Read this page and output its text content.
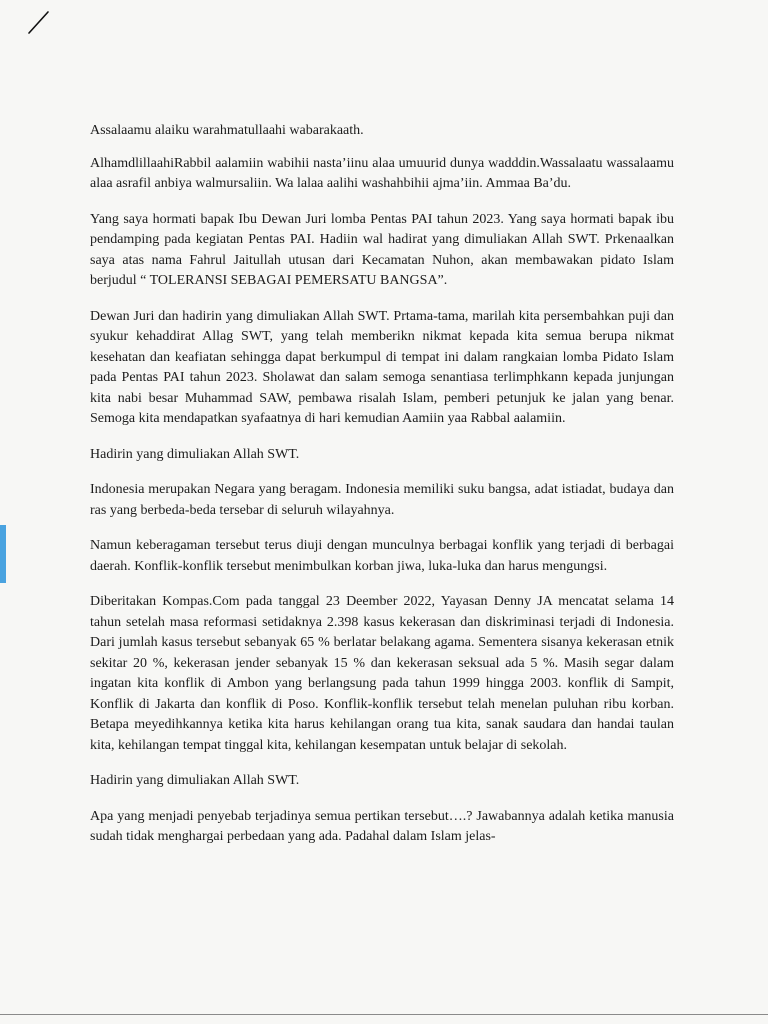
Assalaamu alaiku warahmatullaahi wabarakaath.

AlhamdlillaahiRabbil aalamiin wabihii nasta’iinu alaa umuurid dunya wadddin.Wassalaatu wassalaamu alaa asrafil anbiya walmursaliin. Wa lalaa aalihi washahbihii ajma’iin. Ammaa Ba’du.

Yang saya hormati bapak Ibu Dewan Juri lomba Pentas PAI tahun 2023. Yang saya hormati bapak ibu pendamping pada kegiatan Pentas PAI. Hadiin wal hadirat yang dimuliakan Allah SWT. Prkenaalkan saya atas nama Fahrul Jaitullah utusan dari Kecamatan Nuhon, akan membawakan pidato Islam berjudul “ TOLERANSI SEBAGAI PEMERSATU BANGSA”.

Dewan Juri dan hadirin yang dimuliakan Allah SWT. Prtama-tama, marilah kita persembahkan puji dan syukur kehaddirat Allag SWT, yang telah memberikn nikmat kepada kita semua berupa nikmat kesehatan dan keafiatan sehingga dapat berkumpul di tempat ini dalam rangkaian lomba Pidato Islam pada Pentas PAI tahun 2023. Sholawat dan salam semoga senantiasa terlimphkann kepada junjungan kita nabi besar Muhammad SAW, pembawa risalah Islam, pemberi petunjuk ke jalan yang benar. Semoga kita mendapatkan syafaatnya di hari kemudian Aamiin yaa Rabbal aalamiin.

Hadirin yang dimuliakan Allah SWT.

Indonesia merupakan Negara yang beragam. Indonesia memiliki suku bangsa, adat istiadat, budaya dan ras yang berbeda-beda tersebar di seluruh wilayahnya.

Namun keberagaman tersebut terus diuji dengan munculnya berbagai konflik yang terjadi di berbagai daerah. Konflik-konflik tersebut menimbulkan korban jiwa, luka-luka dan harus mengungsi.

Diberitakan Kompas.Com pada tanggal 23 Deember 2022, Yayasan Denny JA mencatat selama 14 tahun setelah masa reformasi setidaknya 2.398 kasus kekerasan dan diskriminasi terjadi di Indonesia. Dari jumlah kasus tersebut sebanyak 65 % berlatar belakang agama. Sementera sisanya kekerasan etnik sekitar 20 %, kekerasan jender sebanyak 15 % dan kekerasan seksual ada 5 %. Masih segar dalam ingatan kita konflik di Ambon yang berlangsung pada tahun 1999 hingga 2003. konflik di Sampit, Konflik di Jakarta dan konflik di Poso. Konflik-konflik tersebut telah menelan puluhan ribu korban. Betapa meyedihkannya ketika kita harus kehilangan orang tua kita, sanak saudara dan handai taulan kita, kehilangan tempat tinggal kita, kehilangan kesempatan untuk belajar di sekolah.

Hadirin yang dimuliakan Allah SWT.

Apa yang menjadi penyebab terjadinya semua pertikan tersebut….? Jawabannya adalah ketika manusia sudah tidak menghargai perbedaan yang ada. Padahal dalam Islam jelas-
